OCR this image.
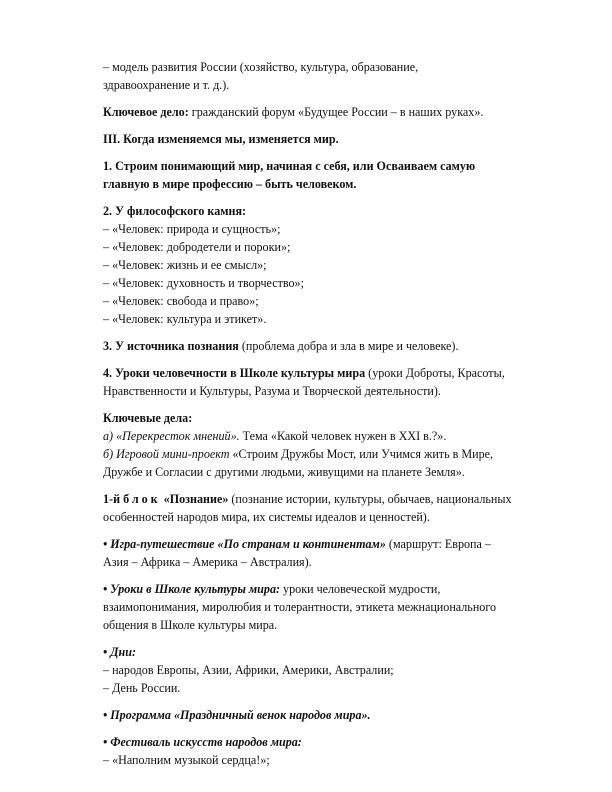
– модель развития России (хозяйство, культура, образование,
здравоохранение и т. д.).

Ключевое дело: гражданский форум «Будущее России – в наших руках».

III. Когда изменяемся мы, изменяется мир.

1. Строим понимающий мир, начиная с себя, или Осваиваем самую
главную в мире профессию – быть человеком.

2. У философского камня:

– «Человек: природа и сущность»;
– «Человек: добродетели и пороки»;
– «Человек: жизнь и ее смысл»;
– «Человек: духовность и творчество»;
– «Человек: свобода и право»;
– «Человек: культура и этикет».

3. У источника познания (проблема добра и зла в мире и человеке).

4. Уроки человечности в Школе культуры мира (уроки Доброты, Красоты,
Нравственности и Культуры, Разума и Творческой деятельности).

Ключевые дела:

а) «Перекресток мнений». Тема «Какой человек нужен в XXI в.?».

б) Игровой мини-проект «Строим Дружбы Мост, или Учимся жить в Мире,
Дружбе и Согласии с другими людьми, живущими на планете Земля».

1-й блок «Познание» (познание истории, культуры, обычаев, национальных
особенностей народов мира, их системы идеалов и ценностей).

• Игра-путешествие «По странам и континентам» (маршрут: Европа –
Азия – Африка – Америка – Австралия).

• Уроки в Школе культуры мира: уроки человеческой мудрости,
взаимопонимания, миролюбия и толерантности, этикета межнационального
общения в Школе культуры мира.

• Дни:

– народов Европы, Азии, Африки, Америки, Австралии;
– День России.

• Программа «Праздничный венок народов мира».

• Фестиваль искусств народов мира:

– «Наполним музыкой сердца!»;
